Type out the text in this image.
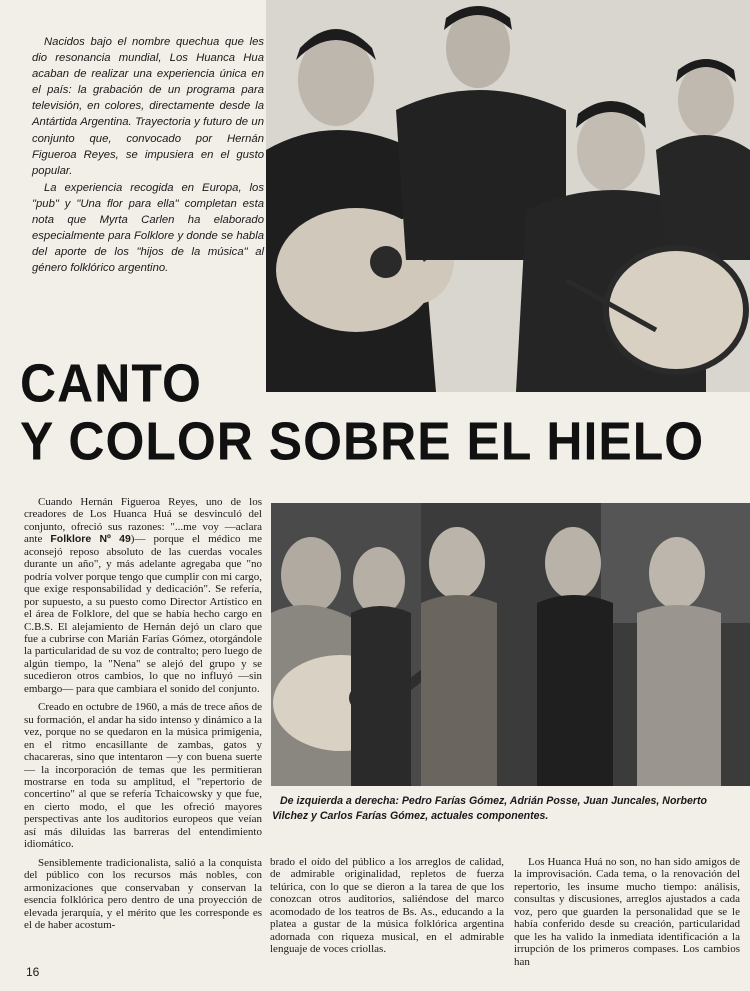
Nacidos bajo el nombre quechua que les dio resonancia mundial, Los Huanca Hua acaban de realizar una experiencia única en el país: la grabación de un programa para televisión, en colores, directamente desde la Antártida Argentina. Trayectoria y futuro de un conjunto que, convocado por Hernán Figueroa Reyes, se impusiera en el gusto popular.

La experiencia recogida en Europa, los "pub" y "Una flor para ella" completan esta nota que Myrta Carlen ha elaborado especialmente para Folklore y donde se habla del aporte de los "hijos de la música" al género folklórico argentino.

CANTO
Y COLOR SOBRE EL HIELO

Cuando Hernán Figueroa Reyes, uno de los creadores de Los Huanca Huá se desvinculó del conjunto, ofreció sus razones: "...me voy —aclara ante Folklore Nº 49)— porque el médico me aconsejó reposo absoluto de las cuerdas vocales durante un año", y más adelante agregaba que "no podría volver porque tengo que cumplir con mi cargo, que exige responsabilidad y dedicación". Se refería, por supuesto, a su puesto como Director Artístico en el área de Folklore, del que se había hecho cargo en C.B.S. El alejamiento de Hernán dejó un claro que fue a cubrirse con Marián Farías Gómez, otorgándole la particularidad de su voz de contralto; pero luego de algún tiempo, la "Nena" se alejó del grupo y se sucedieron otros cambios, lo que no influyó —sin embargo— para que cambiara el sonido del conjunto.

Creado en octubre de 1960, a más de trece años de su formación, el andar ha sido intenso y dinámico a la vez, porque no se quedaron en la música primigenia, en el ritmo encasillante de zambas, gatos y chacareras, sino que intentaron —y con buena suerte— la incorporación de temas que les permitieran mostrarse en toda su amplitud, el "repertorio de concertino" al que se refería Tchaicowsky y que fue, en cierto modo, el que les ofreció mayores perspectivas ante los auditorios europeos que veían así más diluidas las barreras del entendimiento idiomático.

Sensiblemente tradicionalista, salió a la conquista del público con los recursos más nobles, con armonizaciones que conservaban y conservan la esencia folklórica pero dentro de una proyección de elevada jerarquía, y el mérito que les corresponde es el de haber acostum-

De izquierda a derecha: Pedro Farías Gómez, Adrián Posse, Juan Juncales, Norberto Vilchez y Carlos Farías Gómez, actuales componentes.

brado el oído del público a los arreglos de calidad, de admirable originalidad, repletos de fuerza telúrica, con lo que se dieron a la tarea de que los conozcan otros auditorios, saliéndose del marco acomodado de los teatros de Bs. As., educando a la platea a gustar de la música folklórica argentina adornada con riqueza musical, en el admirable lenguaje de voces criollas.

Los Huanca Huá no son, no han sido amigos de la improvisación. Cada tema, o la renovación del repertorio, les insume mucho tiempo: análisis, consultas y discusiones, arreglos ajustados a cada voz, pero que guarden la personalidad que se le había conferido desde su creación, particularidad que les ha valido la inmediata identificación a la irrupción de los primeros compases. Los cambios han

16
